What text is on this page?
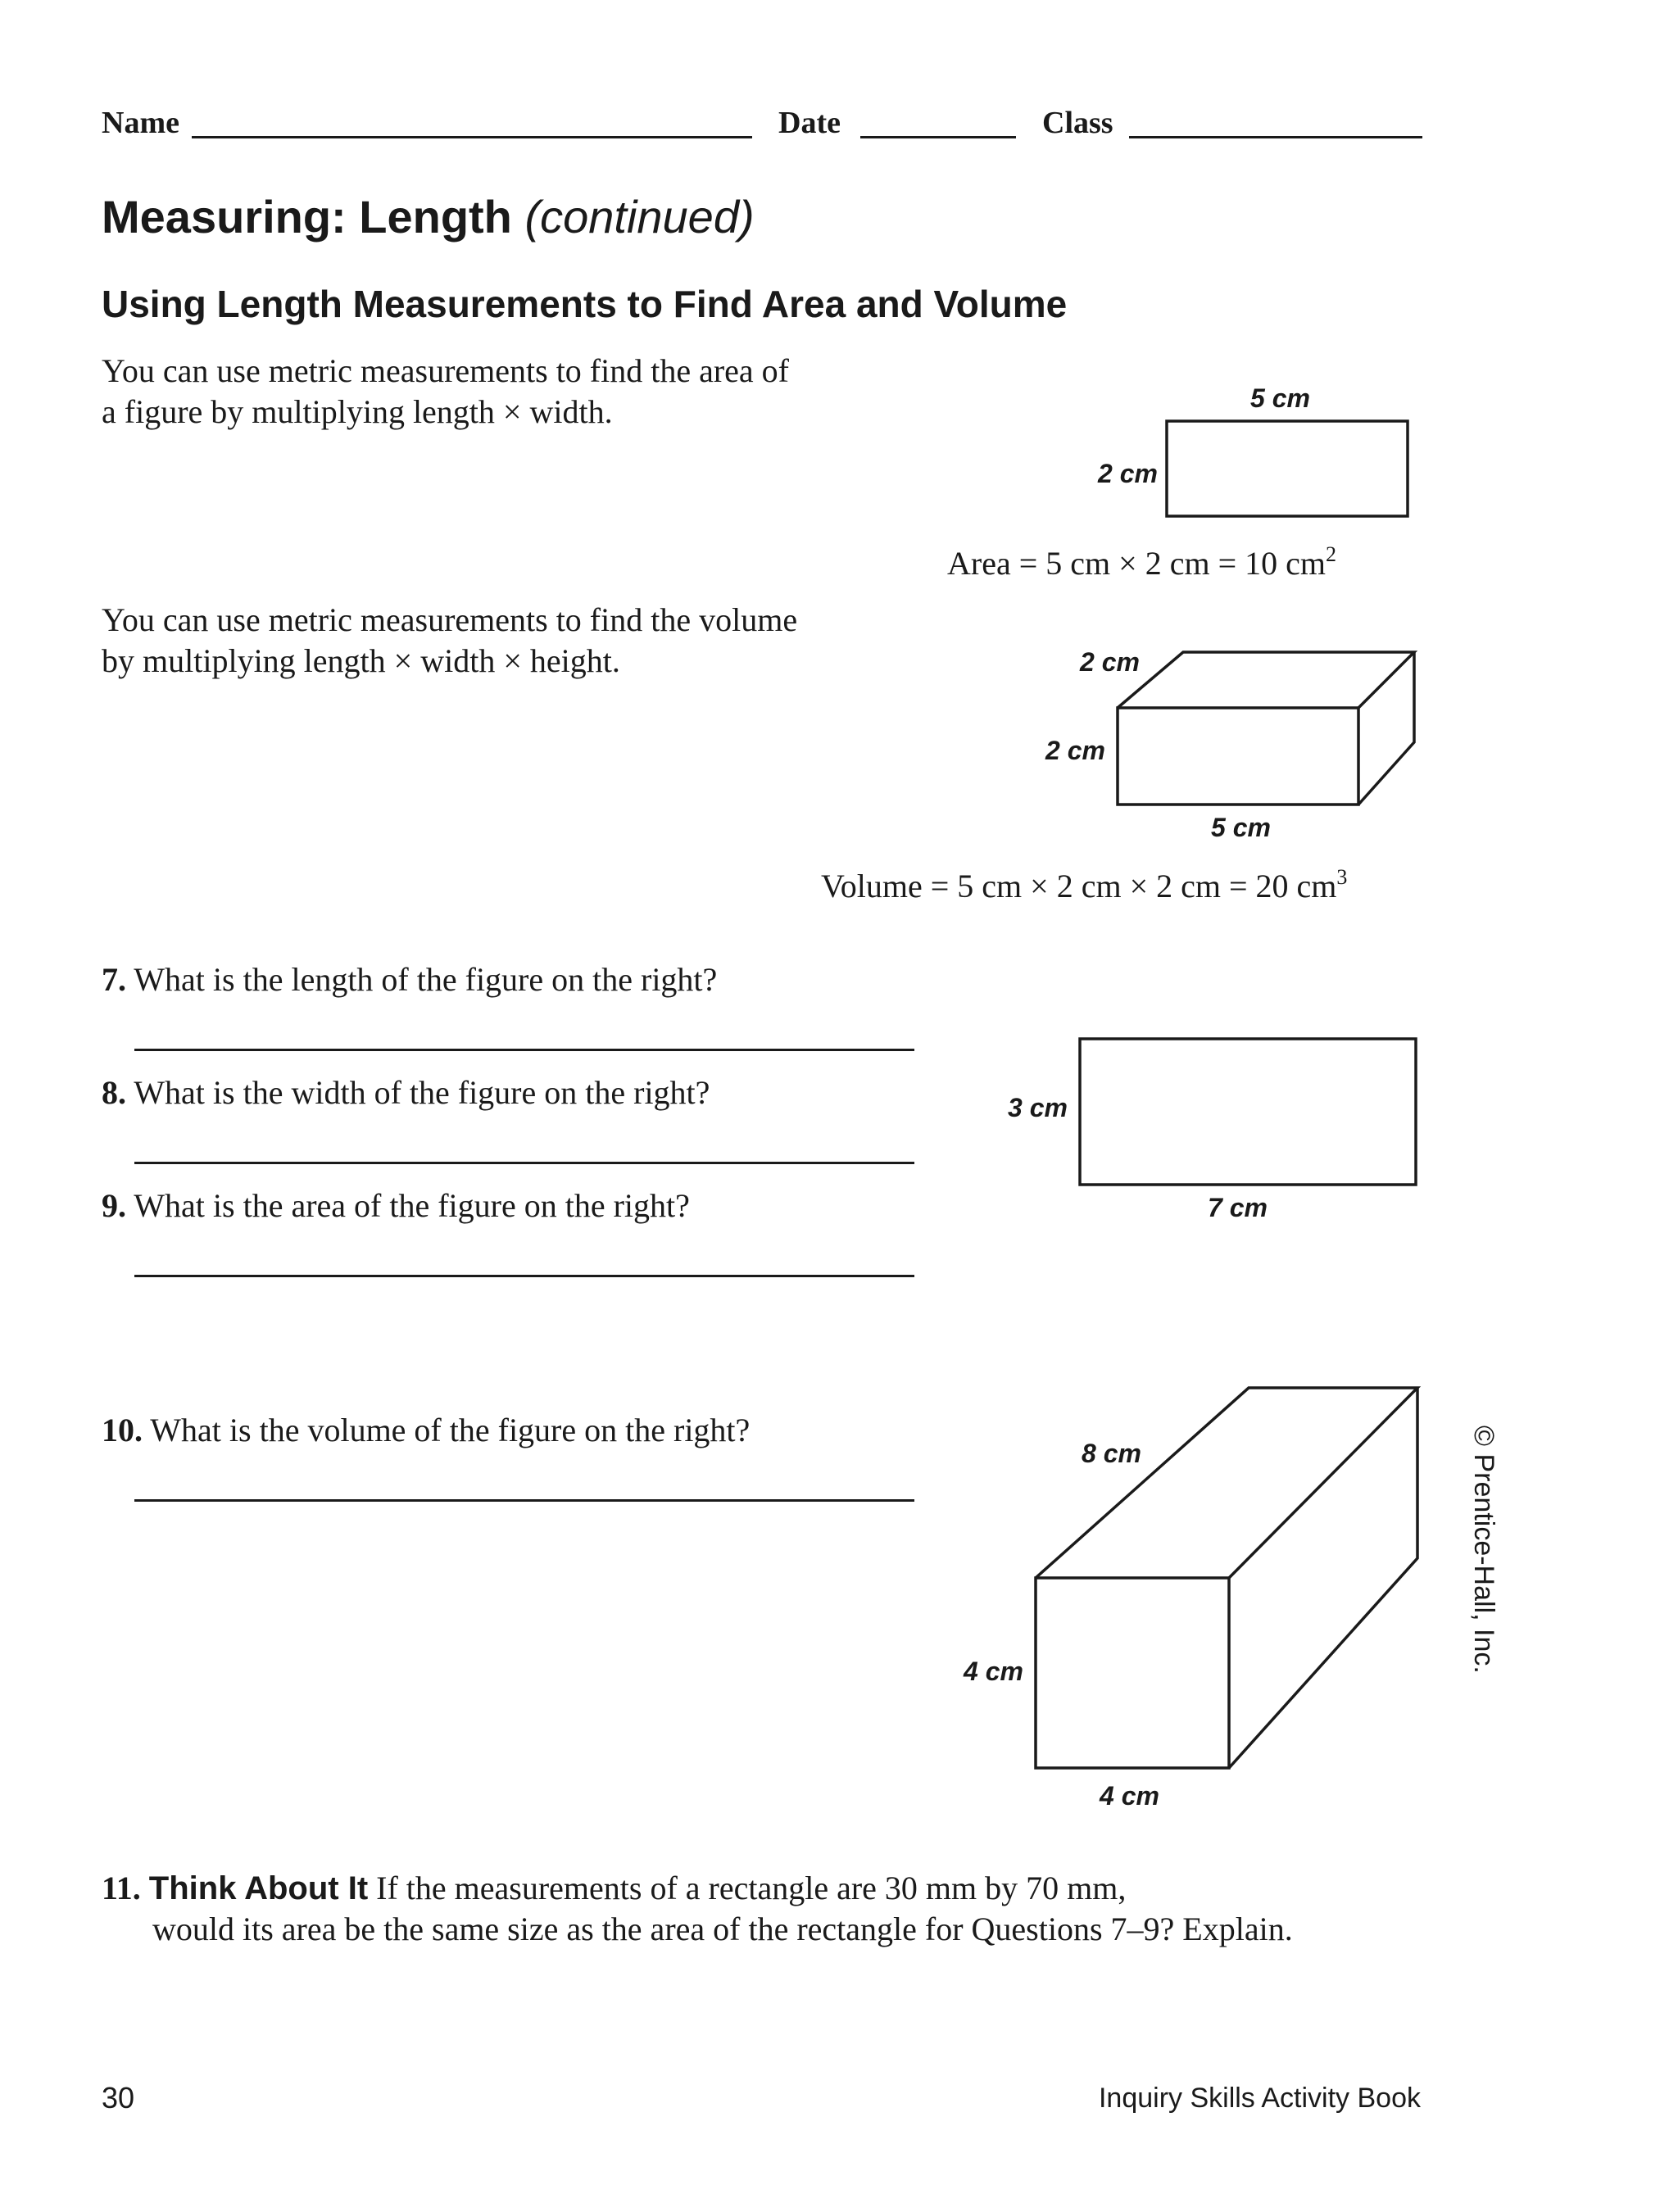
Name	Date	Class
Measuring: Length (continued)
Using Length Measurements to Find Area and Volume
You can use metric measurements to find the area of
a figure by multiplying length × width.
Area = 5 cm × 2 cm = 10 $cm^2$
You can use metric measurements to find the volume
by multiplying length × width × height.
Volume = 5 cm × 2 cm × 2 cm = 20 $cm^3$
5 cm
2 cm
2 cm
2 cm
5 cm
7. What is the length of the figure on the right?
8. What is the width of the figure on the right?
9. What is the area of the figure on the right?
3 cm
7 cm
10. What is the volume of the figure on the right?
8 cm
4 cm
4 cm
11. Think About It If the measurements of a rectangle are 30 mm by 70 mm,
would its area be the same size as the area of the rectangle for Questions 7–9? Explain.
30	Inquiry Skills Activity Book
© Prentice-Hall, Inc.
